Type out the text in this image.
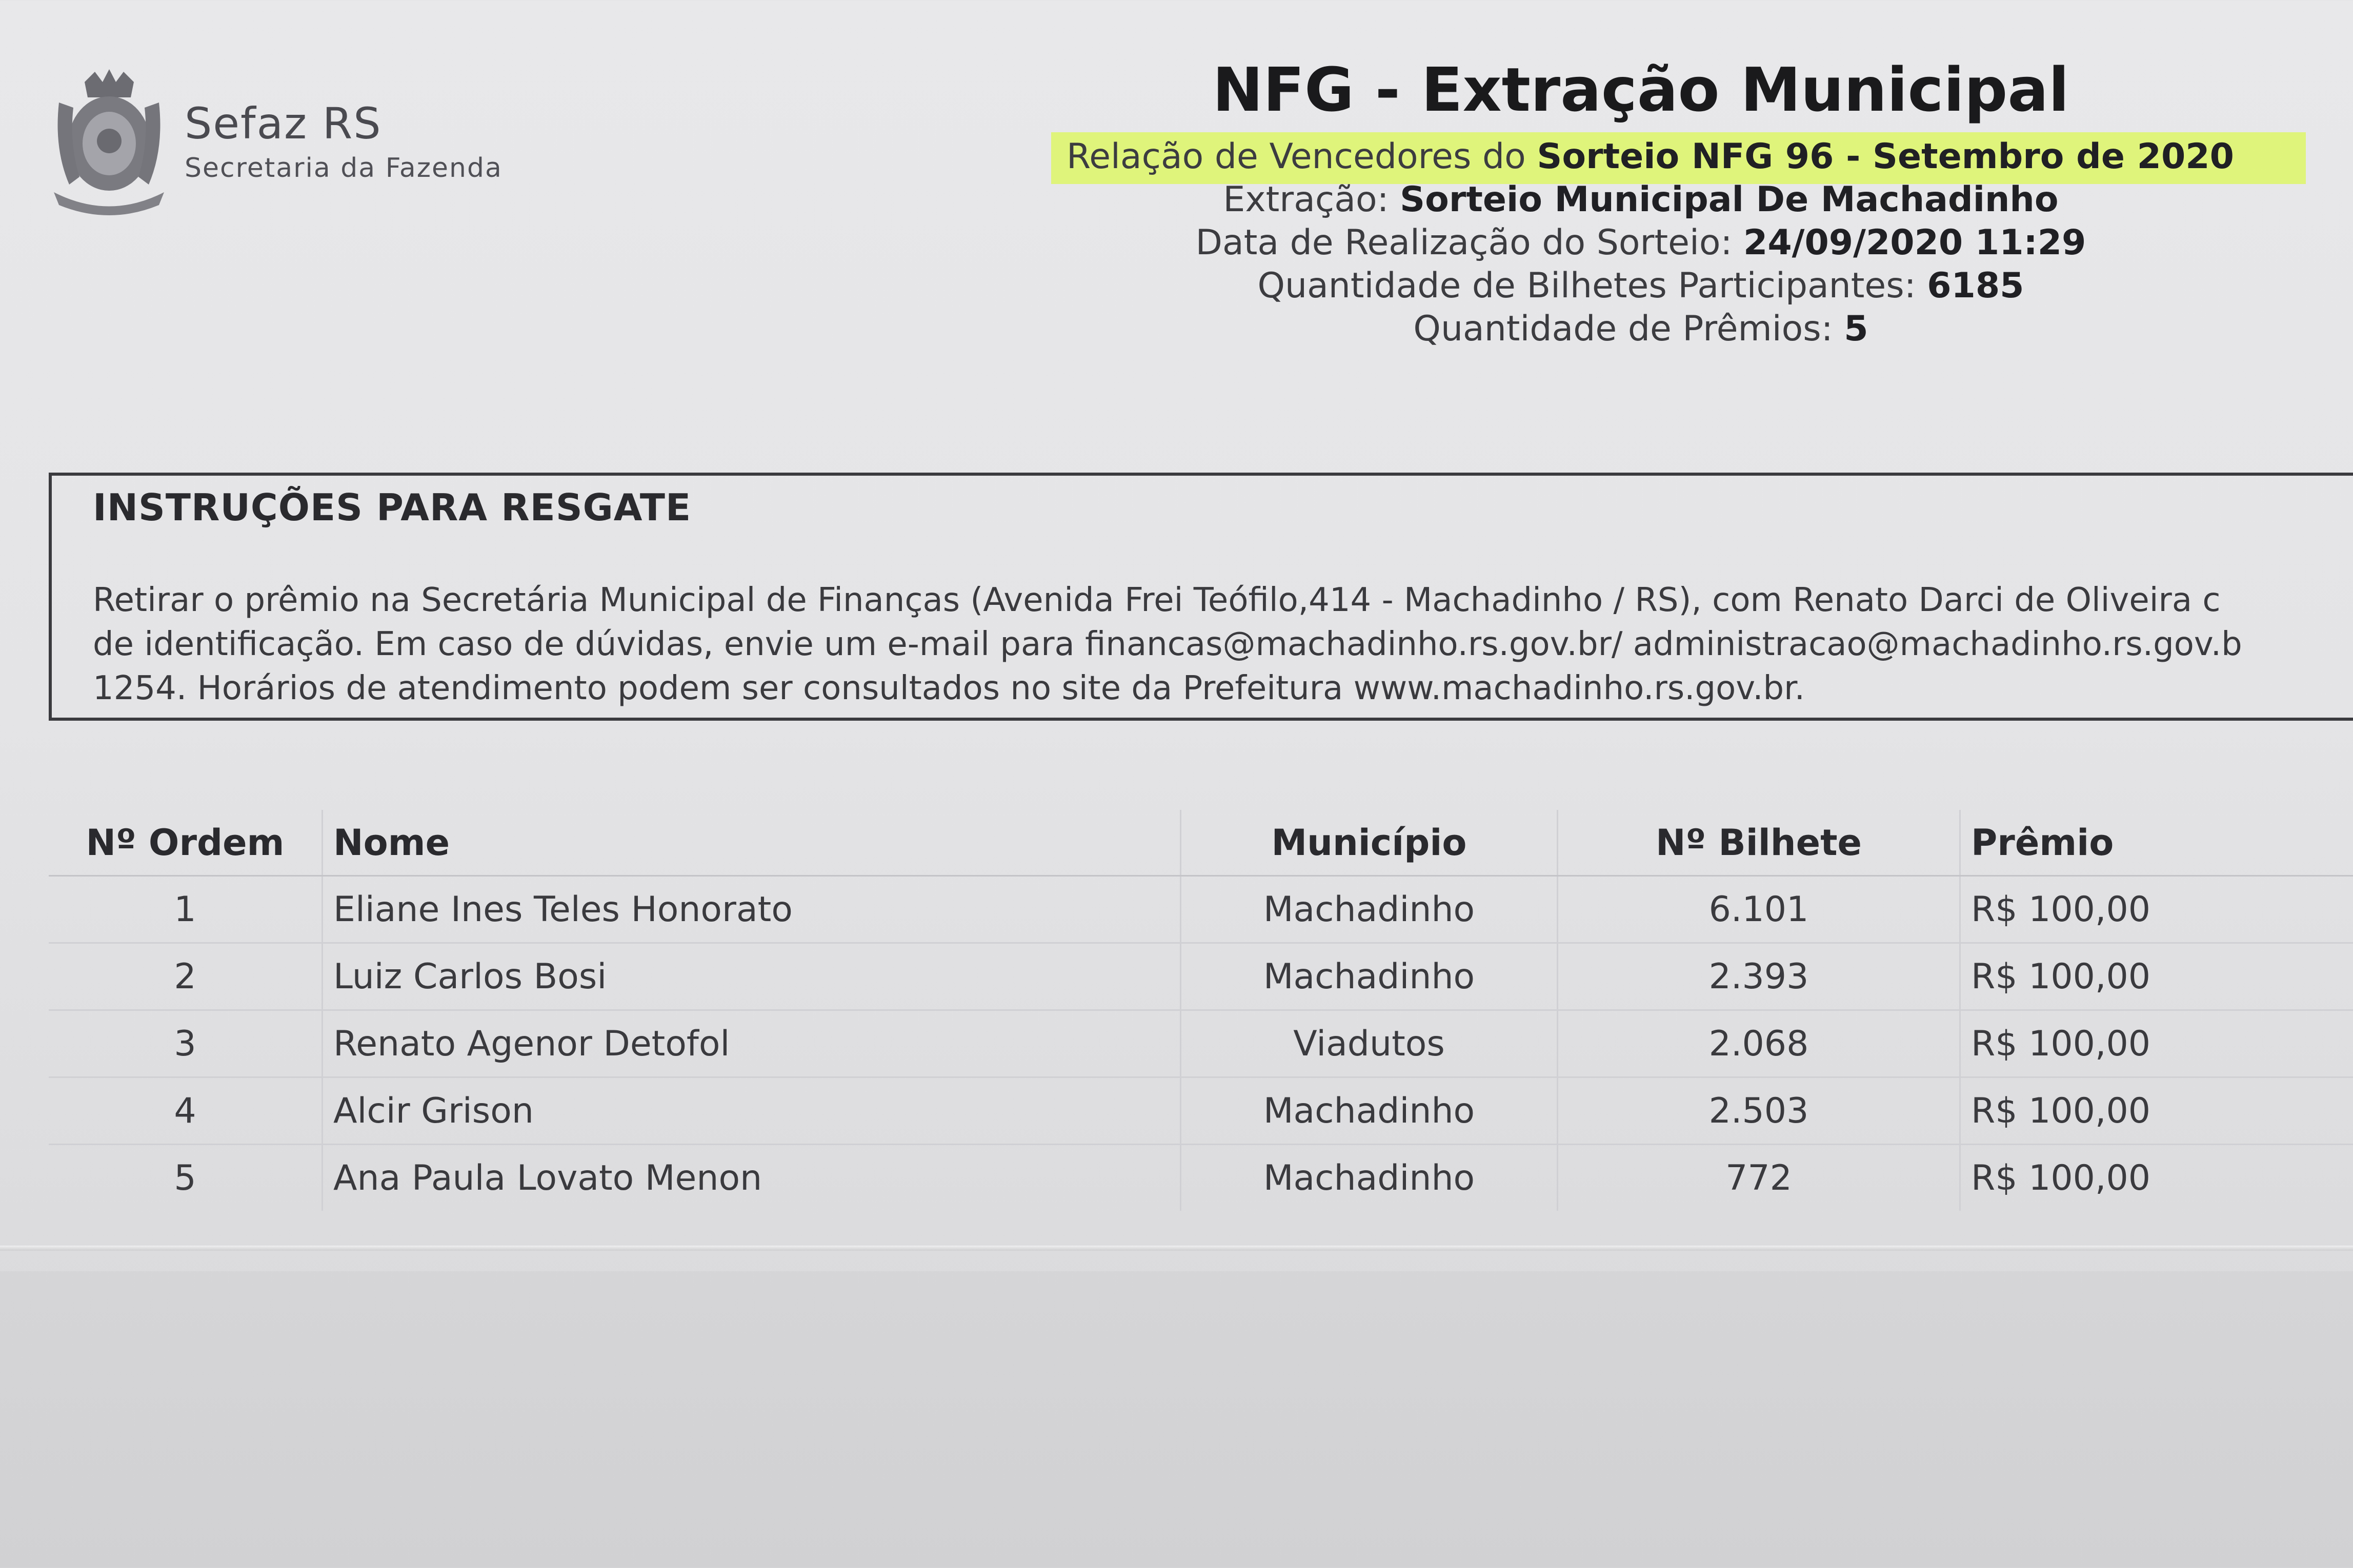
Sefaz RS
Secretaria da Fazenda
NFG - Extração Municipal
Relação de Vencedores do Sorteio NFG 96 - Setembro de 2020
Extração: Sorteio Municipal De Machadinho
Data de Realização do Sorteio: 24/09/2020 11:29
Quantidade de Bilhetes Participantes: 6185
Quantidade de Prêmios: 5
INSTRUÇÕES PARA RESGATE
Retirar o prêmio na Secretária Municipal de Finanças (Avenida Frei Teófilo,414 - Machadinho / RS), com Renato Darci de Oliveira c
de identificação. Em caso de dúvidas, envie um e-mail para financas@machadinho.rs.gov.br/ administracao@machadinho.rs.gov.b
1254. Horários de atendimento podem ser consultados no site da Prefeitura www.machadinho.rs.gov.br.
Nº Ordem	Nome	Município	Nº Bilhete	Prêmio
1	Eliane Ines Teles Honorato	Machadinho	6.101	R$ 100,00
2	Luiz Carlos Bosi	Machadinho	2.393	R$ 100,00
3	Renato Agenor Detofol	Viadutos	2.068	R$ 100,00
4	Alcir Grison	Machadinho	2.503	R$ 100,00
5	Ana Paula Lovato Menon	Machadinho	772	R$ 100,00
